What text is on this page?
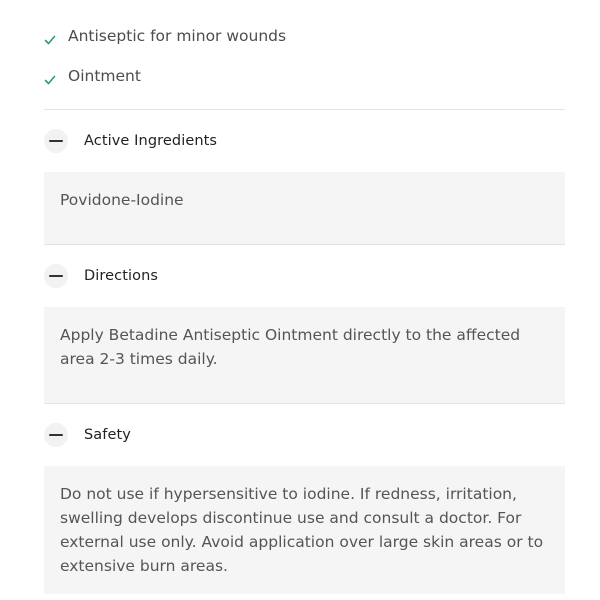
Antiseptic for minor wounds
Ointment
Active Ingredients
Povidone-Iodine
Directions
Apply Betadine Antiseptic Ointment directly to the affected area 2-3 times daily.
Safety
Do not use if hypersensitive to iodine. If redness, irritation, swelling develops discontinue use and consult a doctor. For external use only. Avoid application over large skin areas or to extensive burn areas.
